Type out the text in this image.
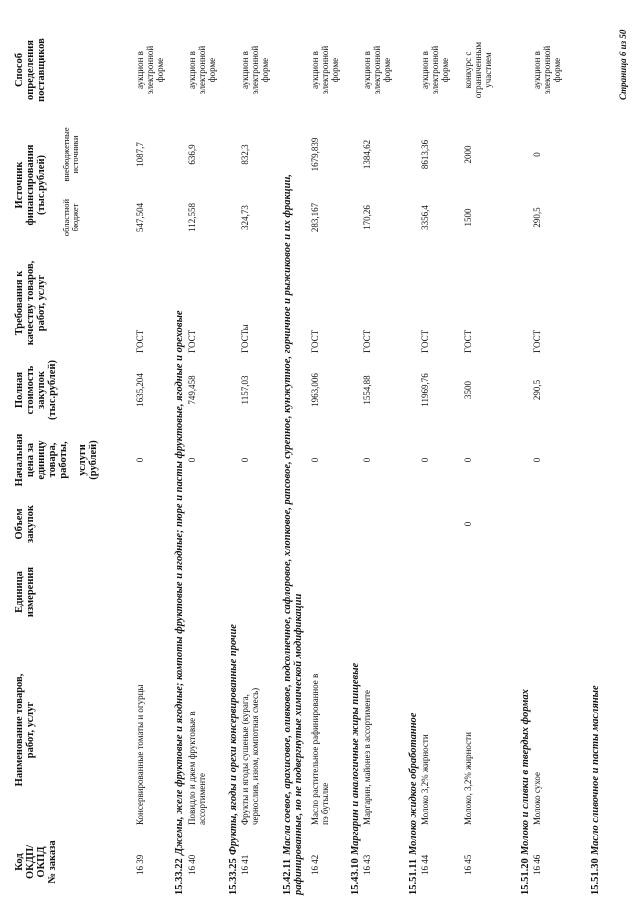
Код ОКДП/ ОКПД № заказа
Наименование товаров, работ, услуг
Единица измерения
Объем закупок
Начальная цена за единицу товара, работы, услуги (рублей)
Полная стоимость закупок (тыс.рублей)
Требования к качеству товаров, работ, услуг
Источник финансирования (тыс.рублей)
областной бюджет
внебюджетные источники
Способ определения поставщиков
16 39
Консервированные томаты и огурцы
0
1635,204
ГОСТ
547,504
1087,7
аукцион в электронной форме
15.33.22Джемы, желе фруктовые и ягодные; компоты фруктовые и ягодные; пюре и пасты фруктовые, ягодные и ореховые
16 40
Повидло и джем фруктовые в ассортименте
0
749,458
ГОСТ
112,558
636,9
аукцион в электронной форме
15.33.25Фрукты, ягоды и орехи консервированные прочие
16 41
Фрукты и ягоды сушеные (курага, чернослив, изюм, компотная смесь)
0
1157,03
ГОСТы
324,73
832,3
аукцион в электронной форме
15.42.11Масла соевое, арахисовое, оливковое, подсолнечное, сафлоровое, хлопковое, рапсовое, сурепное, кунжутное, горчичное и рыжиковое и их фракции, рафинированные, но не подвергнутые химической модификации 16 42
Масло растительное рафинированное в пэ бутылке
0
1963,006
ГОСТ
283,167
1679,839
аукцион в электронной форме
15.43.10Маргарин и аналогичные жиры пищевые
16 43
Маргарин, майонез в ассортименте
0
1554,88
ГОСТ
170,26
1384,62
аукцион в электронной форме
15.51.11Молоко жидкое обработанное
16 44
Молоко 3,2% жирности
0
11969,76
ГОСТ
3356,4
8613,36
аукцион в электронной форме
16 45
Молоко, 3,2% жирности
0
0
3500
ГОСТ
1500
2000
конкурс с ограниченным участием
15.51.20Молоко и сливки в твердых формах
16 46
Молоко сухое
0
290,5
ГОСТ
290,5
0
аукцион в электронной форме
15.51.30Масло сливочное и пасты масляные
Страница 6 из 50
